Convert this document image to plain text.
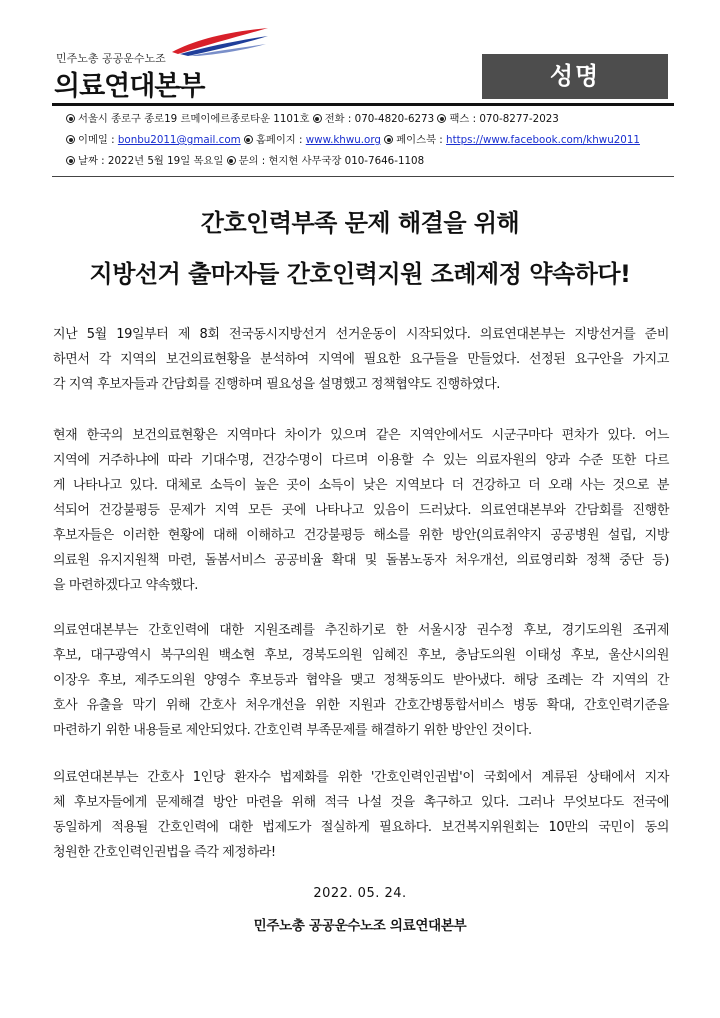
민주노총 공공운수노조
의료연대본부	성명
서울시 종로구 종로19 르메이에르종로타운 1101호 전화 : 070-4820-6273 팩스 : 070-8277-2023
이메일 : bonbu2011@gmail.com 홈페이지 : www.khwu.org 페이스북 : https://www.facebook.com/khwu2011
날짜 : 2022년 5월 19일 목요일 문의 : 현지현 사무국장 010-7646-1108
간호인력부족 문제 해결을 위해
지방선거 출마자들 간호인력지원 조례제정 약속하다!
지난 5월 19일부터 제 8회 전국동시지방선거 선거운동이 시작되었다. 의료연대본부는 지방선거를 준비
하면서 각 지역의 보건의료현황을 분석하여 지역에 필요한 요구들을 만들었다. 선정된 요구안을 가지고
각 지역 후보자들과 간담회를 진행하며 필요성을 설명했고 정책협약도 진행하였다.
현재 한국의 보건의료현황은 지역마다 차이가 있으며 같은 지역안에서도 시군구마다 편차가 있다. 어느
지역에 거주하냐에 따라 기대수명, 건강수명이 다르며 이용할 수 있는 의료자원의 양과 수준 또한 다르
게 나타나고 있다. 대체로 소득이 높은 곳이 소득이 낮은 지역보다 더 건강하고 더 오래 사는 것으로 분
석되어 건강불평등 문제가 지역 모든 곳에 나타나고 있음이 드러났다. 의료연대본부와 간담회를 진행한
후보자들은 이러한 현황에 대해 이해하고 건강불평등 해소를 위한 방안(의료취약지 공공병원 설립, 지방
의료원 유지지원책 마련, 돌봄서비스 공공비율 확대 및 돌봄노동자 처우개선, 의료영리화 정책 중단 등)
을 마련하겠다고 약속했다.
의료연대본부는 간호인력에 대한 지원조례를 추진하기로 한 서울시장 권수정 후보, 경기도의원 조귀제
후보, 대구광역시 북구의원 백소현 후보, 경북도의원 임혜진 후보, 충남도의원 이태성 후보, 울산시의원
이장우 후보, 제주도의원 양영수 후보등과 협약을 맺고 정책동의도 받아냈다. 해당 조례는 각 지역의 간
호사 유출을 막기 위해 간호사 처우개선을 위한 지원과 간호간병통합서비스 병동 확대, 간호인력기준을
마련하기 위한 내용들로 제안되었다. 간호인력 부족문제를 해결하기 위한 방안인 것이다.
의료연대본부는 간호사 1인당 환자수 법제화를 위한 '간호인력인권법'이 국회에서 계류된 상태에서 지자
체 후보자들에게 문제해결 방안 마련을 위해 적극 나설 것을 촉구하고 있다. 그러나 무엇보다도 전국에
동일하게 적용될 간호인력에 대한 법제도가 절실하게 필요하다. 보건복지위원회는 10만의 국민이 동의
청원한 간호인력인권법을 즉각 제정하라!
2022. 05. 24.
민주노총 공공운수노조 의료연대본부
